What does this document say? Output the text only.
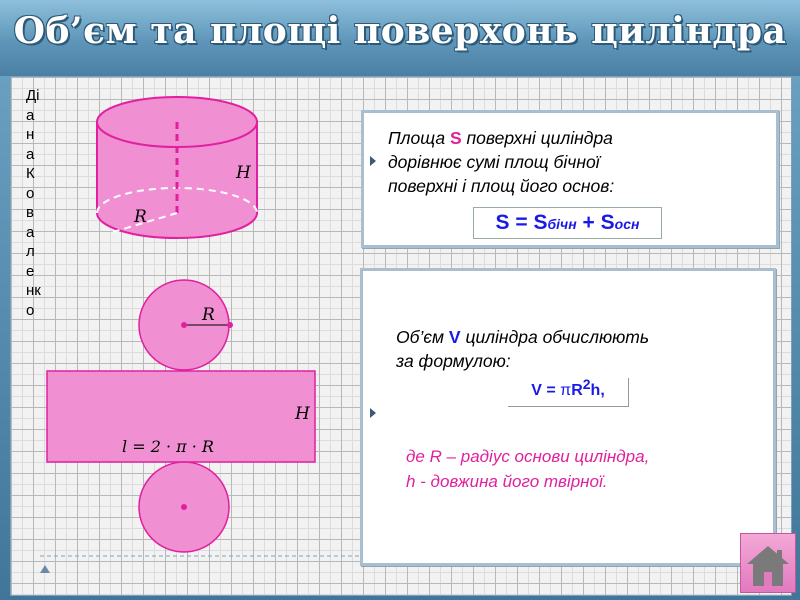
Об’єм та площі поверхонь циліндра
Ді
а
н
а
К
о
в
а
л
е
нк
о
H
R
R
H
l = 2 · π · R
Площа S поверхні циліндра
дорівнює сумі площ бічної
поверхні і площ його основ:
S = Sбічн + Sосн
Об’єм V циліндра обчислюють
за формулою:
V = πR2h,
де R – радіус основи циліндра,
h - довжина його твірної.
